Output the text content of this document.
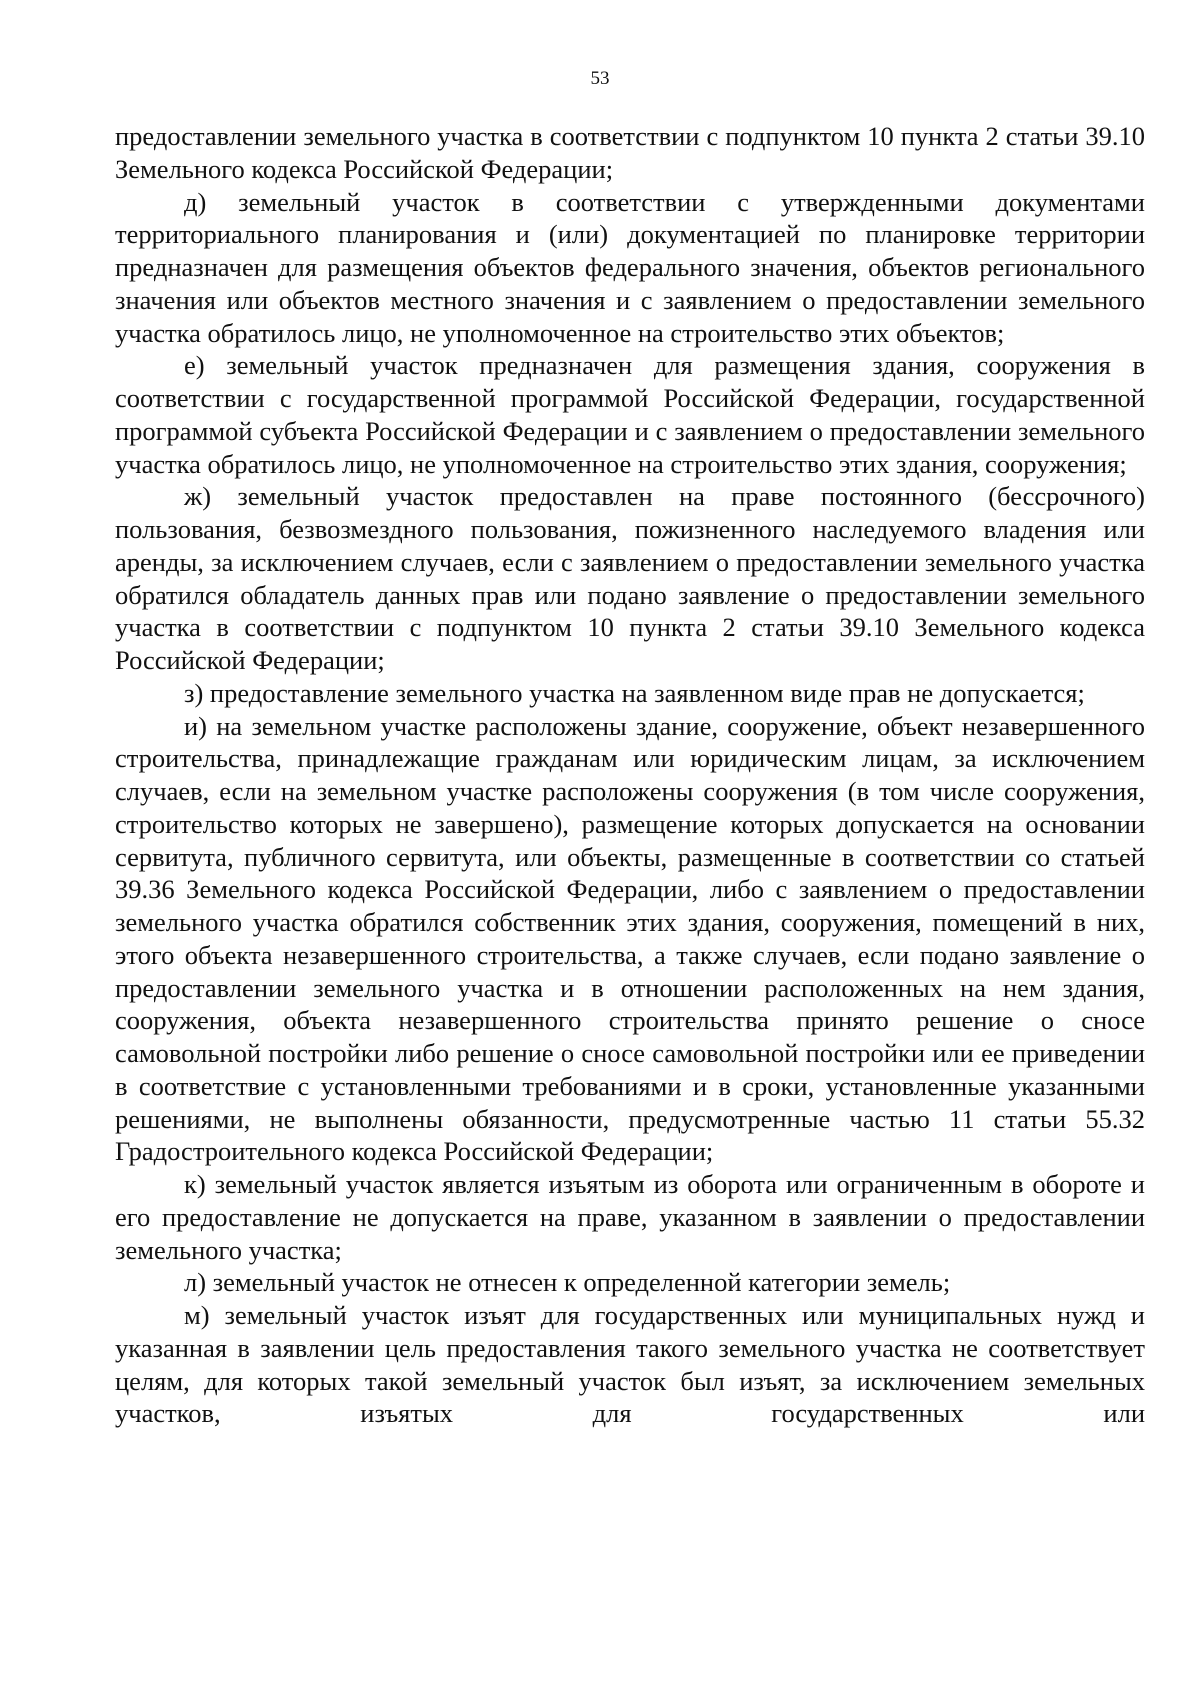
53

предоставлении земельного участка в соответствии с подпунктом 10 пункта 2 статьи 39.10 Земельного кодекса Российской Федерации;

д) земельный участок в соответствии с утвержденными документами территориального планирования и (или) документацией по планировке территории предназначен для размещения объектов федерального значения, объектов регионального значения или объектов местного значения и с заявлением о предоставлении земельного участка обратилось лицо, не уполномоченное на строительство этих объектов;

е) земельный участок предназначен для размещения здания, сооружения в соответствии с государственной программой Российской Федерации, государственной программой субъекта Российской Федерации и с заявлением о предоставлении земельного участка обратилось лицо, не уполномоченное на строительство этих здания, сооружения;

ж) земельный участок предоставлен на праве постоянного (бессрочного) пользования, безвозмездного пользования, пожизненного наследуемого владения или аренды, за исключением случаев, если с заявлением о предоставлении земельного участка обратился обладатель данных прав или подано заявление о предоставлении земельного участка в соответствии с подпунктом 10 пункта 2 статьи 39.10 Земельного кодекса Российской Федерации;

з) предоставление земельного участка на заявленном виде прав не допускается;

и) на земельном участке расположены здание, сооружение, объект незавершенного строительства, принадлежащие гражданам или юридическим лицам, за исключением случаев, если на земельном участке расположены сооружения (в том числе сооружения, строительство которых не завершено), размещение которых допускается на основании сервитута, публичного сервитута, или объекты, размещенные в соответствии со статьей 39.36 Земельного кодекса Российской Федерации, либо с заявлением о предоставлении земельного участка обратился собственник этих здания, сооружения, помещений в них, этого объекта незавершенного строительства, а также случаев, если подано заявление о предоставлении земельного участка и в отношении расположенных на нем здания, сооружения, объекта незавершенного строительства принято решение о сносе самовольной постройки либо решение о сносе самовольной постройки или ее приведении в соответствие с установленными требованиями и в сроки, установленные указанными решениями, не выполнены обязанности, предусмотренные частью 11 статьи 55.32 Градостроительного кодекса Российской Федерации;

к) земельный участок является изъятым из оборота или ограниченным в обороте и его предоставление не допускается на праве, указанном в заявлении о предоставлении земельного участка;

л) земельный участок не отнесен к определенной категории земель;

м) земельный участок изъят для государственных или муниципальных нужд и указанная в заявлении цель предоставления такого земельного участка не соответствует целям, для которых такой земельный участок был изъят, за исключением земельных участков, изъятых для государственных или
